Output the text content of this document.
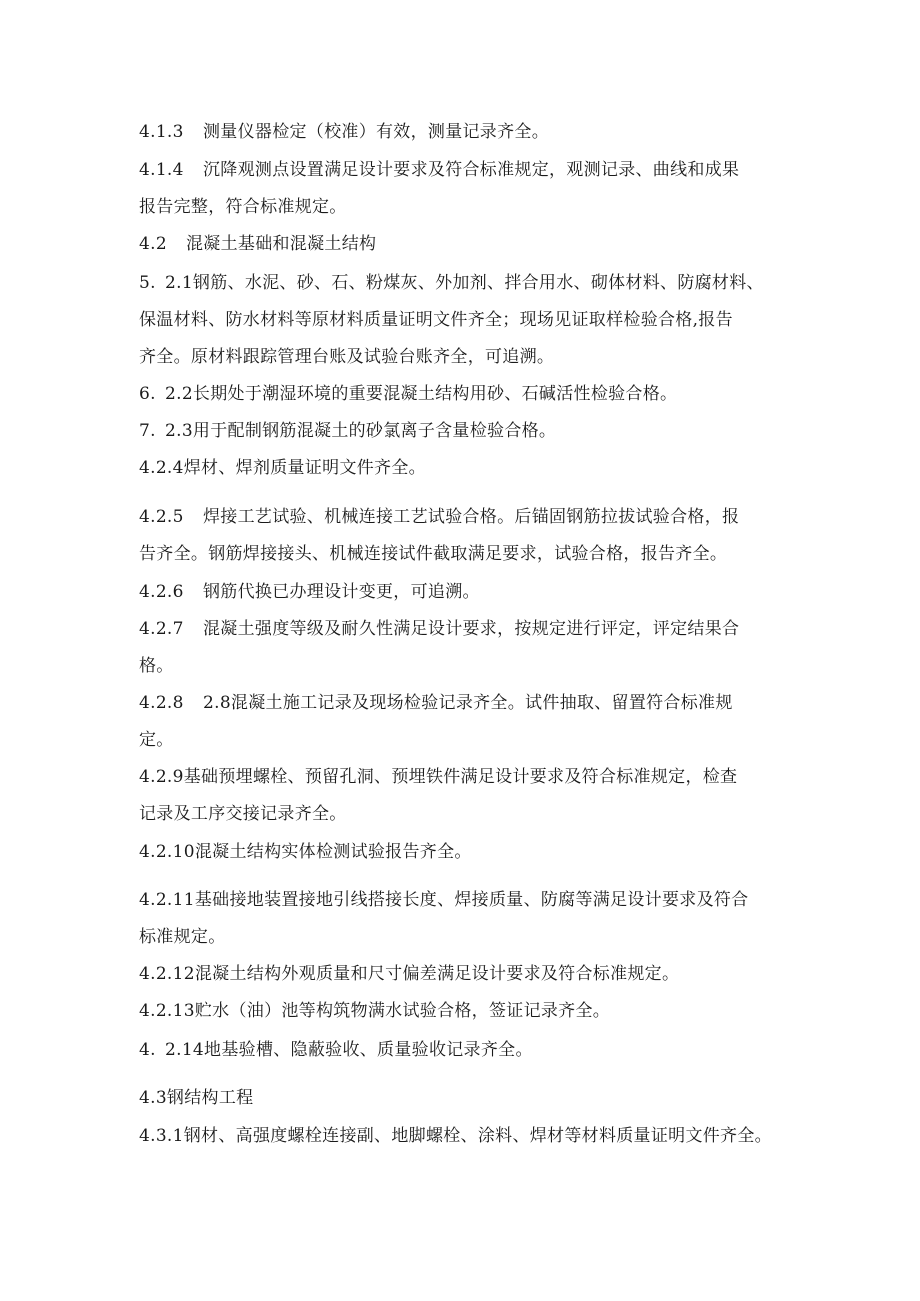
4.1.3 测量仪器检定（校准）有效，测量记录齐全。
4.1.4 沉降观测点设置满足设计要求及符合标准规定，观测记录、曲线和成果
报告完整，符合标准规定。
4.2 混凝土基础和混凝土结构
5. 2.1钢筋、水泥、砂、石、粉煤灰、外加剂、拌合用水、砌体材料、防腐材料、
保温材料、防水材料等原材料质量证明文件齐全；现场见证取样检验合格,报告
齐全。原材料跟踪管理台账及试验台账齐全，可追溯。
6. 2.2长期处于潮湿环境的重要混凝土结构用砂、石碱活性检验合格。
7. 2.3用于配制钢筋混凝土的砂氯离子含量检验合格。
4.2.4焊材、焊剂质量证明文件齐全。
4.2.5 焊接工艺试验、机械连接工艺试验合格。后锚固钢筋拉拔试验合格，报
告齐全。钢筋焊接接头、机械连接试件截取满足要求，试验合格，报告齐全。
4.2.6 钢筋代换已办理设计变更，可追溯。
4.2.7 混凝土强度等级及耐久性满足设计要求，按规定进行评定，评定结果合
格。
4.2.8 2.8混凝土施工记录及现场检验记录齐全。试件抽取、留置符合标准规
定。
4.2.9基础预埋螺栓、预留孔洞、预埋铁件满足设计要求及符合标准规定，检查
记录及工序交接记录齐全。
4.2.10混凝土结构实体检测试验报告齐全。
4.2.11基础接地装置接地引线搭接长度、焊接质量、防腐等满足设计要求及符合
标准规定。
4.2.12混凝土结构外观质量和尺寸偏差满足设计要求及符合标准规定。
4.2.13贮水（油）池等构筑物满水试验合格，签证记录齐全。
4. 2.14地基验槽、隐蔽验收、质量验收记录齐全。
4.3钢结构工程
4.3.1钢材、高强度螺栓连接副、地脚螺栓、涂料、焊材等材料质量证明文件齐全。
